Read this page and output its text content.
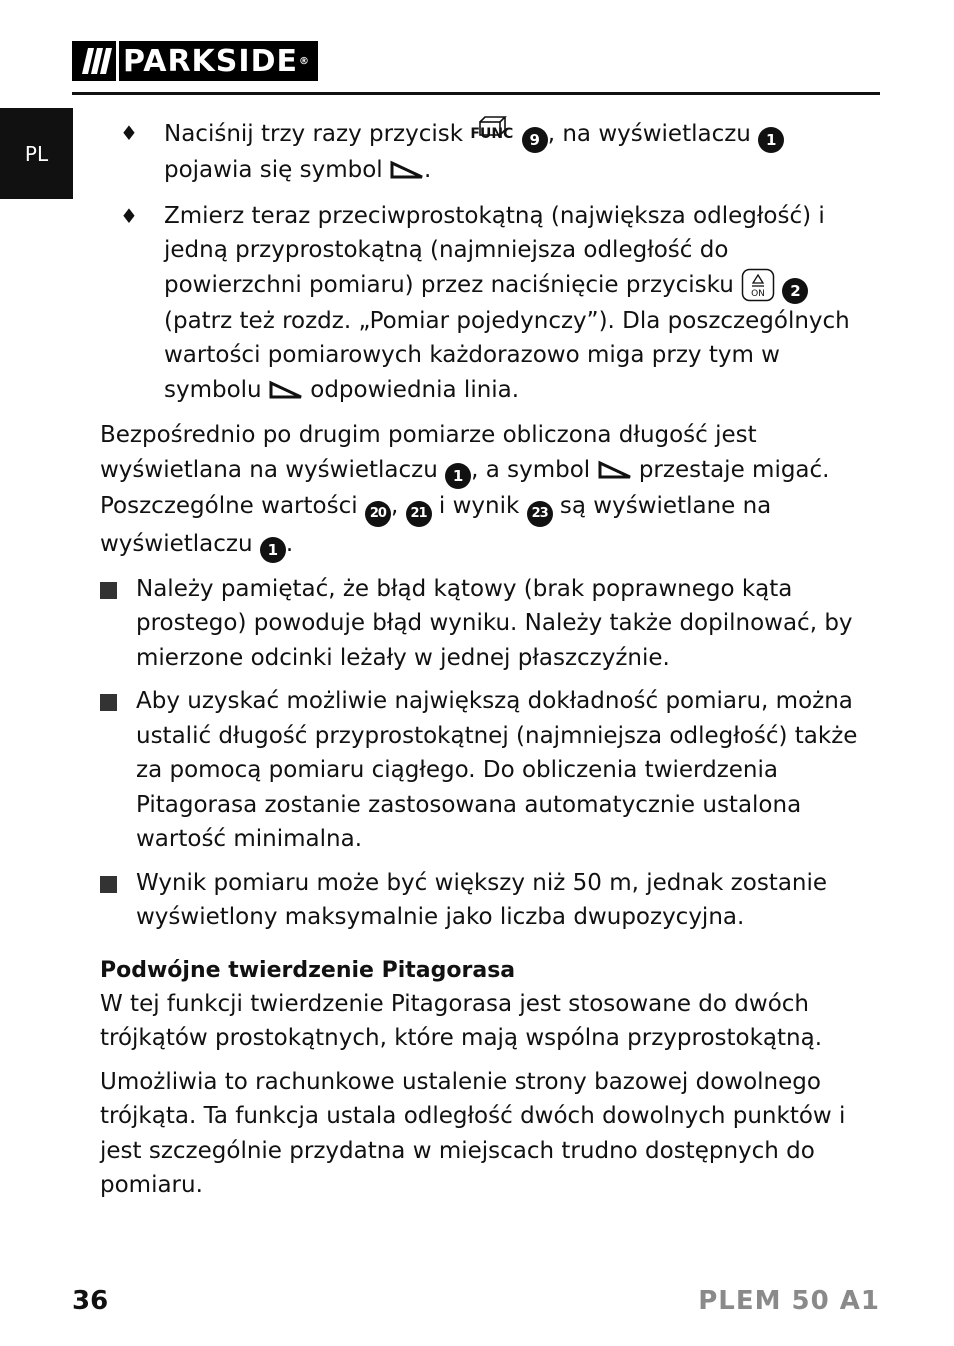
PARKSIDE ®
PL
♦ Naciśnij trzy razy przycisk FUNC 9 , na wyświetlaczu 1 pojawia się symbol .
♦ Zmierz teraz przeciwprostokątną (największa odległość) i jedną przyprostokątną (najmniejsza odległość do powierzchni pomiaru) przez naciśnięcie przycisku ON 2 (patrz też rozdz. „Pomiar pojedynczy”). Dla poszczególnych wartości pomiarowych każdorazowo miga przy tym w symbolu odpowiednia linia.
Bezpośrednio po drugim pomiarze obliczona długość jest wyświetlana na wyświetlaczu 1 , a symbol przestaje migać.
Poszczególne wartości 20 , 21 i wynik 23 są wyświetlane na wyświetlaczu 1 .
Należy pamiętać, że błąd kątowy (brak poprawnego kąta prostego) powoduje błąd wyniku. Należy także dopilnować, by mierzone odcinki leżały w jednej płaszczyźnie.
Aby uzyskać możliwie największą dokładność pomiaru, można ustalić długość przyprostokątnej (najmniejsza odległość) także za pomocą pomiaru ciągłego. Do obliczenia twierdzenia Pitagorasa zostanie zastosowana automatycznie ustalona wartość minimalna.
Wynik pomiaru może być większy niż 50 m, jednak zostanie wyświetlony maksymalnie jako liczba dwupozycyjna.
Podwójne twierdzenie Pitagorasa
W tej funkcji twierdzenie Pitagorasa jest stosowane do dwóch trójkątów prostokątnych, które mają wspólna przyprostokątną.
Umożliwia to rachunkowe ustalenie strony bazowej dowolnego trójkąta. Ta funkcja ustala odległość dwóch dowolnych punktów i jest szczególnie przydatna w miejscach trudno dostępnych do pomiaru.
36	PLEM 50 A1
